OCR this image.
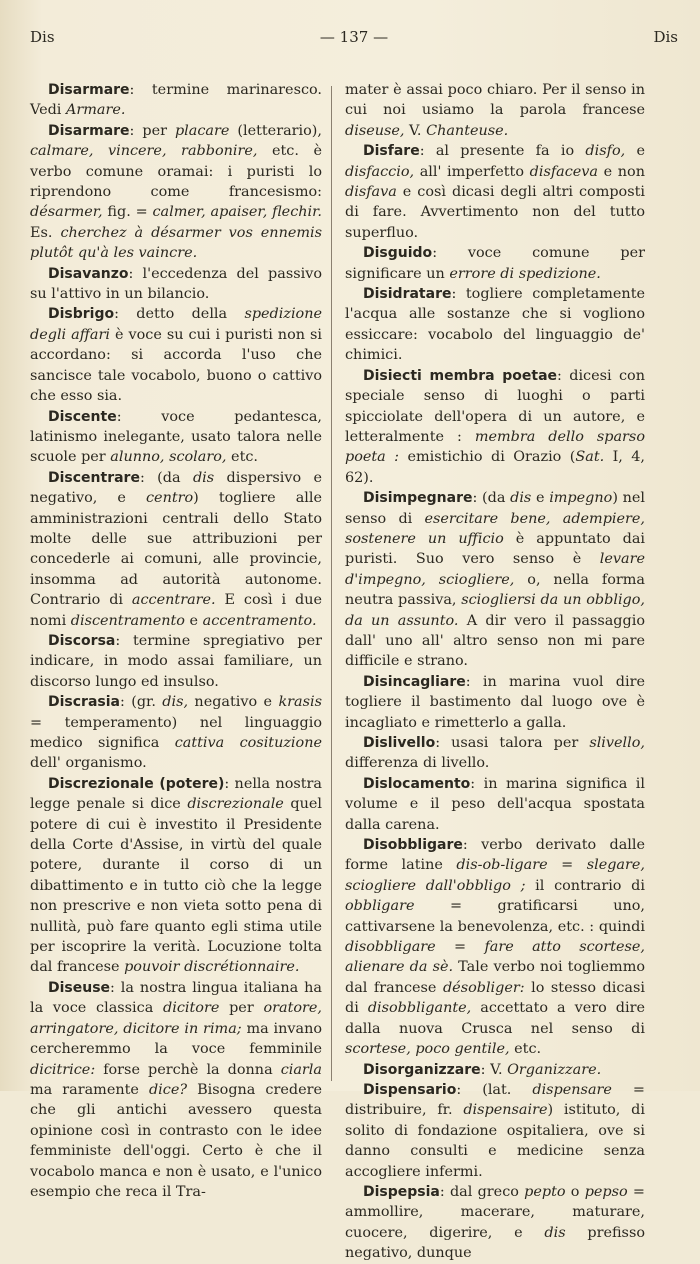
Dis	— 137 —	Dis

Disarmare: termine marinaresco. Vedi Armare.

Disarmare: per placare (letterario), calmare, vincere, rabbonire, etc. è verbo comune oramai: i puristi lo riprendono come francesismo: désarmer, fig. = calmer, apaiser, flechir. Es. cherchez à désarmer vos ennemis plutôt qu'à les vaincre.

Disavanzo: l'eccedenza del passivo su l'attivo in un bilancio.

Disbrigo: detto della spedizione degli affari è voce su cui i puristi non si accordano: si accorda l'uso che sancisce tale vocabolo, buono o cattivo che esso sia.

Discente: voce pedantesca, latinismo inelegante, usato talora nelle scuole per alunno, scolaro, etc.

Discentrare: (da dis dispersivo e negativo, e centro) togliere alle amministrazioni centrali dello Stato molte delle sue attribuzioni per concederle ai comuni, alle provincie, insomma ad autorità autonome. Contrario di accentrare. E così i due nomi discentramento e accentramento.

Discorsa: termine spregiativo per indicare, in modo assai familiare, un discorso lungo ed insulso.

Discrasia: (gr. dis, negativo e krasis = temperamento) nel linguaggio medico significa cattiva cosituzione dell' organismo.

Discrezionale (potere): nella nostra legge penale si dice discrezionale quel potere di cui è investito il Presidente della Corte d'Assise, in virtù del quale potere, durante il corso di un dibattimento e in tutto ciò che la legge non prescrive e non vieta sotto pena di nullità, può fare quanto egli stima utile per iscoprire la verità. Locuzione tolta dal francese pouvoir discrétionnaire.

Diseuse: la nostra lingua italiana ha la voce classica dicitore per oratore, arringatore, dicitore in rima; ma invano cercheremmo la voce femminile dicitrice: forse perchè la donna ciarla ma raramente dice? Bisogna credere che gli antichi avessero questa opinione così in contrasto con le idee femministe dell'oggi. Certo è che il vocabolo manca e non è usato, e l'unico esempio che reca il Tra-

mater è assai poco chiaro. Per il senso in cui noi usiamo la parola francese diseuse, V. Chanteuse.

Disfare: al presente fa io disfo, e disfaccio, all' imperfetto disfaceva e non disfava e così dicasi degli altri composti di fare. Avvertimento non del tutto superfluo.

Disguido: voce comune per significare un errore di spedizione.

Disidratare: togliere completamente l'acqua alle sostanze che si vogliono essiccare: vocabolo del linguaggio de' chimici.

Disiecti membra poetae: dicesi con speciale senso di luoghi o parti spicciolate dell'opera di un autore, e letteralmente : membra dello sparso poeta : emistichio di Orazio (Sat. I, 4, 62).

Disimpegnare: (da dis e impegno) nel senso di esercitare bene, adempiere, sostenere un ufficio è appuntato dai puristi. Suo vero senso è levare d'impegno, sciogliere, o, nella forma neutra passiva, sciogliersi da un obbligo, da un assunto. A dir vero il passaggio dall' uno all' altro senso non mi pare difficile e strano.

Disincagliare: in marina vuol dire togliere il bastimento dal luogo ove è incagliato e rimetterlo a galla.

Dislivello: usasi talora per slivello, differenza di livello.

Dislocamento: in marina significa il volume e il peso dell'acqua spostata dalla carena.

Disobbligare: verbo derivato dalle forme latine dis-ob-ligare = slegare, sciogliere dall'obbligo ; il contrario di obbligare = gratificarsi uno, cattivarsene la benevolenza, etc. : quindi disobbligare = fare atto scortese, alienare da sè. Tale verbo noi togliemmo dal francese désobliger: lo stesso dicasi di disobbligante, accettato a vero dire dalla nuova Crusca nel senso di scortese, poco gentile, etc.

Disorganizzare: V. Organizzare.

Dispensario: (lat. dispensare = distribuire, fr. dispensaire) istituto, di solito di fondazione ospitaliera, ove si danno consulti e medicine senza accoglierе infermi.

Dispepsia: dal greco pepto o pepso = ammollire, macerare, maturare, cuocere, digerire, e dis prefisso negativo, dunque
